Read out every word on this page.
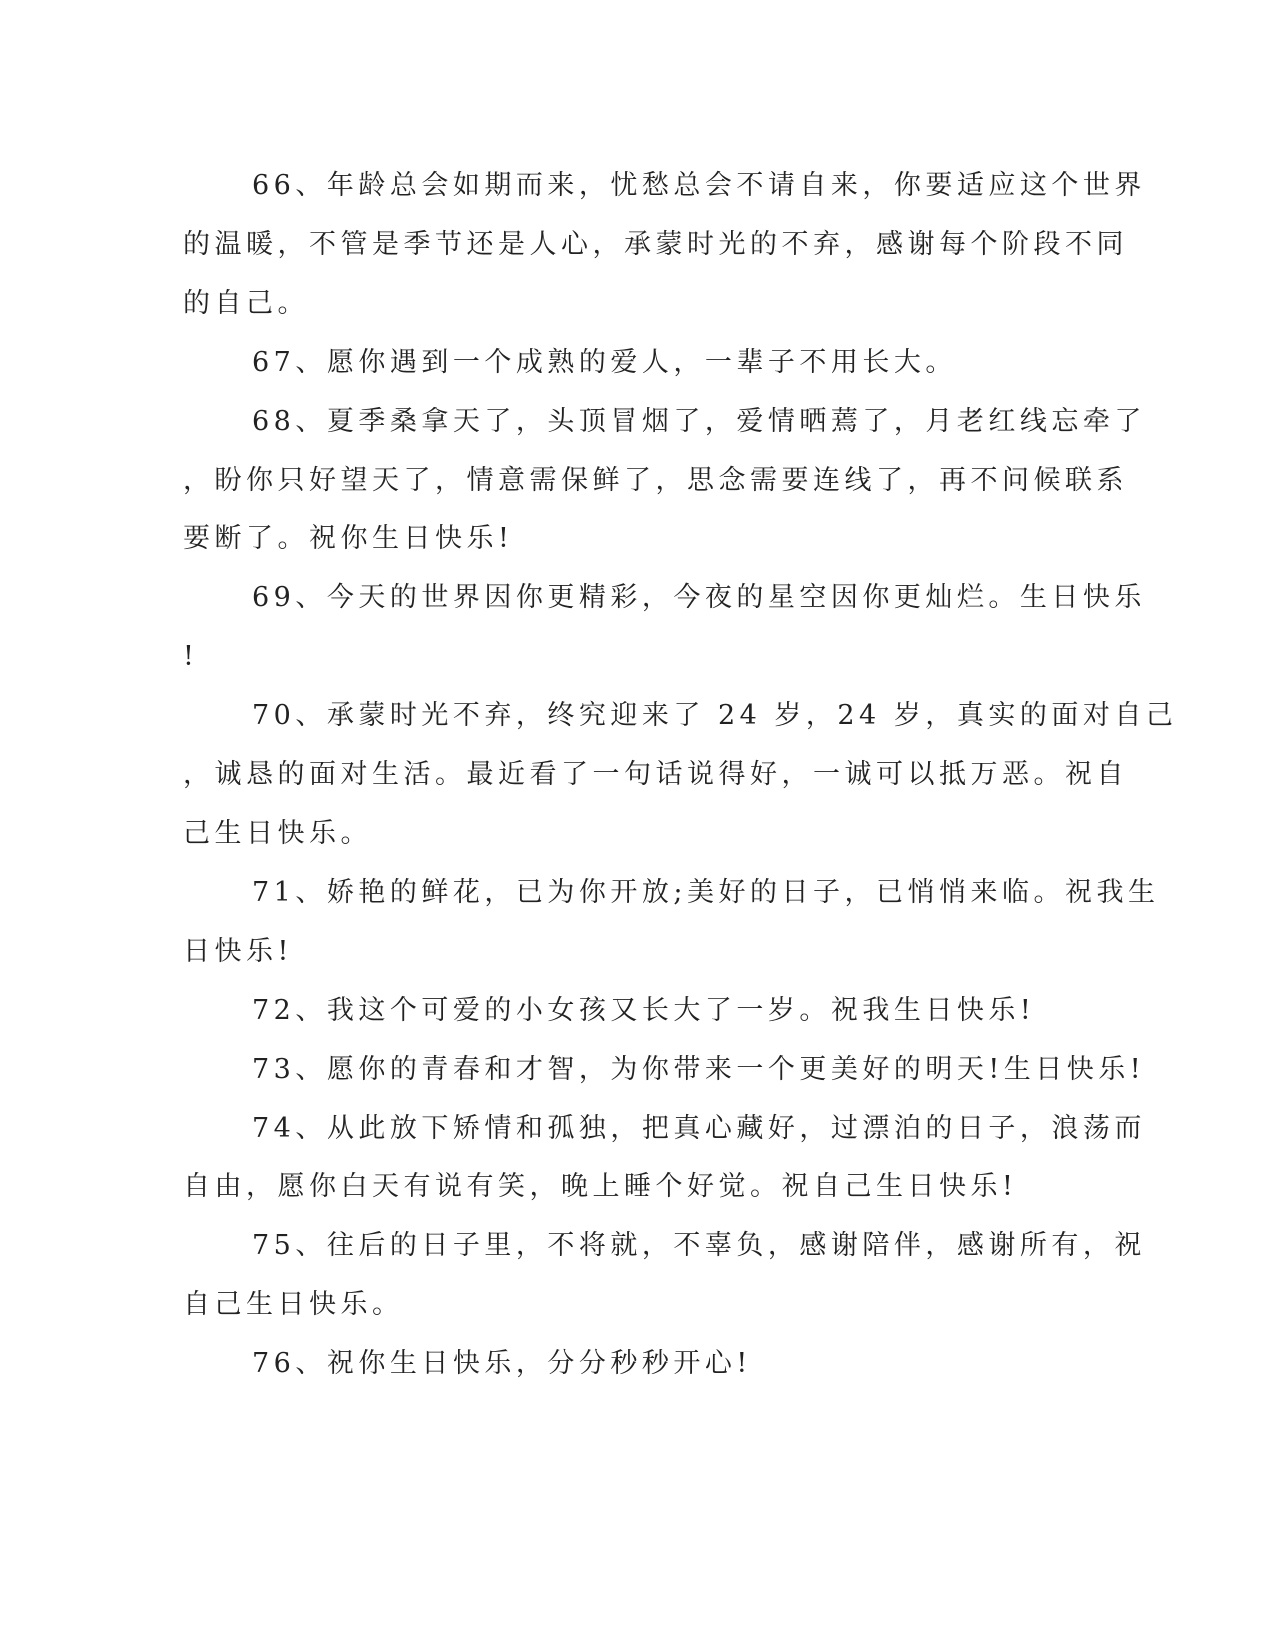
66、年龄总会如期而来，忧愁总会不请自来，你要适应这个世界
的温暖，不管是季节还是人心，承蒙时光的不弃，感谢每个阶段不同
的自己。

67、愿你遇到一个成熟的爱人，一辈子不用长大。

68、夏季桑拿天了，头顶冒烟了，爱情晒蔫了，月老红线忘牵了
，盼你只好望天了，情意需保鲜了，思念需要连线了，再不问候联系
要断了。祝你生日快乐!

69、今天的世界因你更精彩，今夜的星空因你更灿烂。生日快乐
!

70、承蒙时光不弃，终究迎来了 24 岁，24 岁，真实的面对自己
，诚恳的面对生活。最近看了一句话说得好，一诚可以抵万恶。祝自
己生日快乐。

71、娇艳的鲜花，已为你开放;美好的日子，已悄悄来临。祝我生
日快乐!

72、我这个可爱的小女孩又长大了一岁。祝我生日快乐!

73、愿你的青春和才智，为你带来一个更美好的明天!生日快乐!

74、从此放下矫情和孤独，把真心藏好，过漂泊的日子，浪荡而
自由，愿你白天有说有笑，晚上睡个好觉。祝自己生日快乐!

75、往后的日子里，不将就，不辜负，感谢陪伴，感谢所有，祝
自己生日快乐。

76、祝你生日快乐，分分秒秒开心!
